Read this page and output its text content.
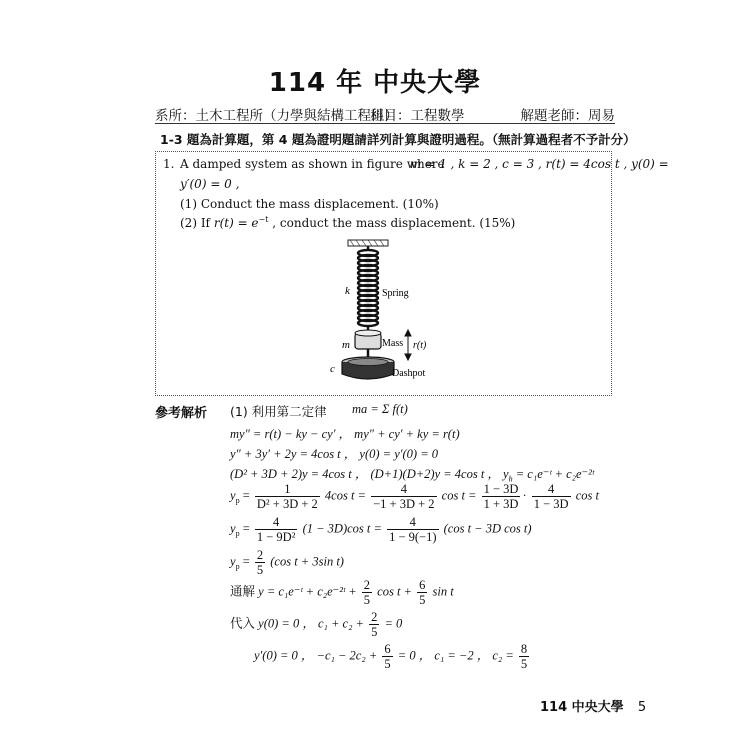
114 年 中央大學
系所：土木工程所（力學與結構工程組）
科目：工程數學	解題老師：周易
1-3 題為計算題，第 4 題為證明題請詳列計算與證明過程。（無計算過程者不予計分）
1. A damped system as shown in figure where
m = 1 , k = 2 , c = 3 , r(t) = 4cos t , y(0) =
y′(0) = 0 ,
(1) Conduct the mass displacement. (10%)
(2) If $r(t) = e^{-t}$ , conduct the mass displacement. (15%)
k	Spring
m	Mass r(t)
c	Dashpot
參考解析 (1) 利用第二定律 ma = Σ f(t)
my″ = r(t) − ky − cy′ ， my″ + cy′ + ky = r(t)
y″ + 3y′ + 2y = 4cos t ， y(0) = y′(0) = 0
(D² + 3D + 2)y = 4cos t ， (D+1)(D+2)y = 4cos t ， $y_h$ = c₁e⁻ᵗ + c₂e⁻²ᵗ
$y_p = \frac{1}{\text{D² + 3D + 2}} 4\cos$ $t = \frac{4}{-1 + 3D + 2}$ $\cos t = \frac{1 - 3D}{1 + 3D} \cdot \frac{4}{1 - 3D}$ cos t
$y_p = \frac{4}{\text{1 − 9D²}} (1 - 3D)\cos$ $t = \frac{4}{1 - 9(-1)} (\cos$ t − 3D cos t)
$y_p = \frac{2}{5} (\cos$ t + 3sin t)
通解 y = c₁e⁻ᵗ + c₂e⁻²ᵗ + $\frac{2}{5}$ $\cos t + \frac{6}{5}$ sin t
代入 y(0) = 0 ， $c_1 + c_2 + \frac{2}{5} = 0$
y′(0) = 0 ， $-c_1 - 2c_2 + \frac{6}{5} = 0$ ， c₁ = −2 ， $c_2 = \frac{8}{5}$
114 中央大學 5
